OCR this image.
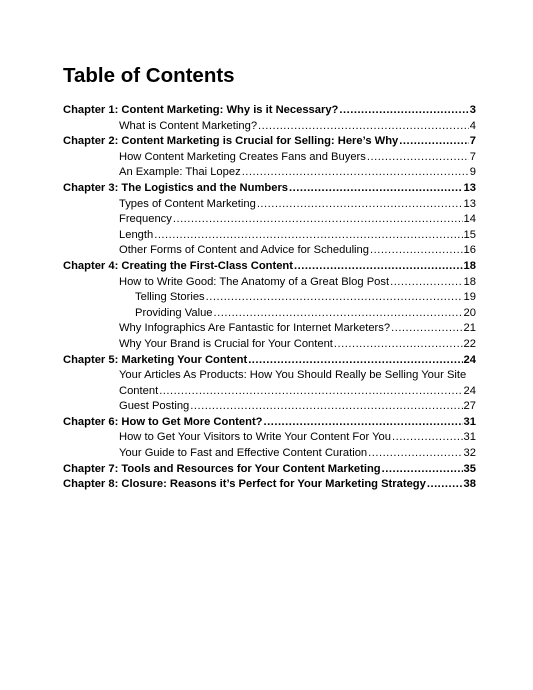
Table of Contents
Chapter 1: Content Marketing: Why is it Necessary? .....	3
What is Content Marketing? .....	4
Chapter 2: Content Marketing is Crucial for Selling: Here’s Why .....	7
How Content Marketing Creates Fans and Buyers .....	7
An Example: Thai Lopez .....	9
Chapter 3: The Logistics and the Numbers .....	13
Types of Content Marketing .....	13
Frequency .....	14
Length .....	15
Other Forms of Content and Advice for Scheduling .....	16
Chapter 4: Creating the First-Class Content .....	18
How to Write Good: The Anatomy of a Great Blog Post .....	18
Telling Stories .....	19
Providing Value .....	20
Why Infographics Are Fantastic for Internet Marketers? .....	21
Why Your Brand is Crucial for Your Content .....	22
Chapter 5: Marketing Your Content .....	24
Your Articles As Products: How You Should Really be Selling Your Site
Content .....	24
Guest Posting .....	27
Chapter 6: How to Get More Content? .....	31
How to Get Your Visitors to Write Your Content For You .....	31
Your Guide to Fast and Effective Content Curation .....	32
Chapter 7: Tools and Resources for Your Content Marketing .....	35
Chapter 8: Closure: Reasons it’s Perfect for Your Marketing Strategy .....	38
